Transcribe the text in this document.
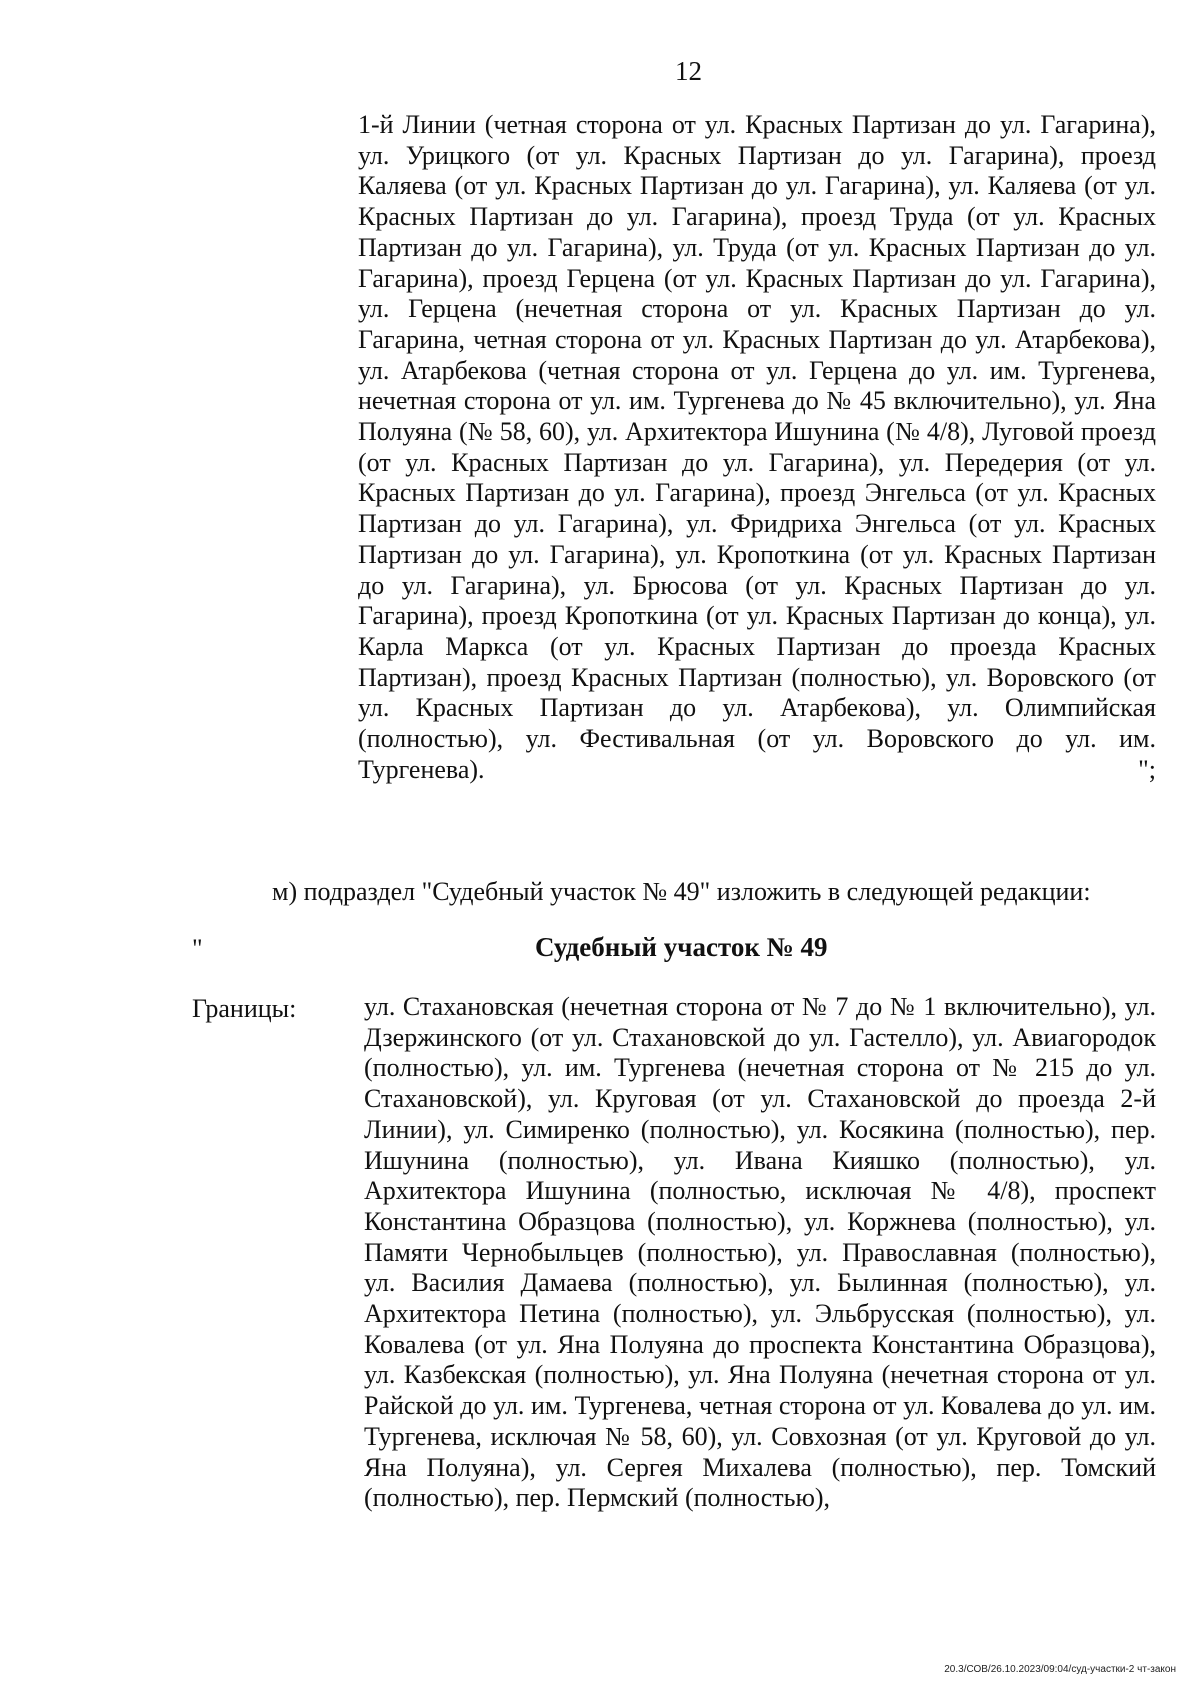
12

1-й Линии (четная сторона от ул. Красных Партизан до ул. Гагарина), ул. Урицкого (от ул. Красных Партизан до ул. Гагарина), проезд Каляева (от ул. Красных Партизан до ул. Гагарина), ул. Каляева (от ул. Красных Партизан до ул. Гагарина), проезд Труда (от ул. Красных Партизан до ул. Гагарина), ул. Труда (от ул. Красных Партизан до ул. Гагарина), проезд Герцена (от ул. Красных Партизан до ул. Гагарина), ул. Герцена (нечетная сторона от ул. Красных Партизан до ул. Гагарина, четная сторона от ул. Красных Партизан до ул. Атарбекова), ул. Атарбекова (четная сторона от ул. Герцена до ул. им. Тургенева, нечетная сторона от ул. им. Тургенева до № 45 включительно), ул. Яна Полуяна (№ 58, 60), ул. Архитектора Ишунина (№ 4/8), Луговой проезд (от ул. Красных Партизан до ул. Гагарина), ул. Передерия (от ул. Красных Партизан до ул. Гагарина), проезд Энгельса (от ул. Красных Партизан до ул. Гагарина), ул. Фридриха Энгельса (от ул. Красных Партизан до ул. Гагарина), ул. Кропоткина (от ул. Красных Партизан до ул. Гагарина), ул. Брюсова (от ул. Красных Партизан до ул. Гагарина), проезд Кропоткина (от ул. Красных Партизан до конца), ул. Карла Маркса (от ул. Красных Партизан до проезда Красных Партизан), проезд Красных Партизан (полностью), ул. Воровского (от ул. Красных Партизан до ул. Атарбекова), ул. Олимпийская (полностью), ул. Фестивальная (от ул. Воровского до ул. им. Тургенева).	";
м) подраздел "Судебный участок № 49" изложить в следующей редакции:
"	Судебный участок № 49
Границы:	ул. Стахановская (нечетная сторона от № 7 до № 1 включительно), ул. Дзержинского (от ул. Стахановской до ул. Гастелло), ул. Авиагородок (полностью), ул. им. Тургенева (нечетная сторона от № 215 до ул. Стахановской), ул. Круговая (от ул. Стахановской до проезда 2-й Линии), ул. Симиренко (полностью), ул. Косякина (полностью), пер. Ишунина (полностью), ул. Ивана Кияшко (полностью), ул. Архитектора Ишунина (полностью, исключая № 4/8), проспект Константина Образцова (полностью), ул. Коржнева (полностью), ул. Памяти Чернобыльцев (полностью), ул. Православная (полностью), ул. Василия Дамаева (полностью), ул. Былинная (полностью), ул. Архитектора Петина (полностью), ул. Эльбрусская (полностью), ул. Ковалева (от ул. Яна Полуяна до проспекта Константина Образцова), ул. Казбекская (полностью), ул. Яна Полуяна (нечетная сторона от ул. Райской до ул. им. Тургенева, четная сторона от ул. Ковалева до ул. им. Тургенева, исключая № 58, 60), ул. Совхозная (от ул. Круговой до ул. Яна Полуяна), ул. Сергея Михалева (полностью), пер. Томский (полностью), пер. Пермский (полностью),

20.3/СОВ/26.10.2023/09:04/суд-участки-2 чт-закон
